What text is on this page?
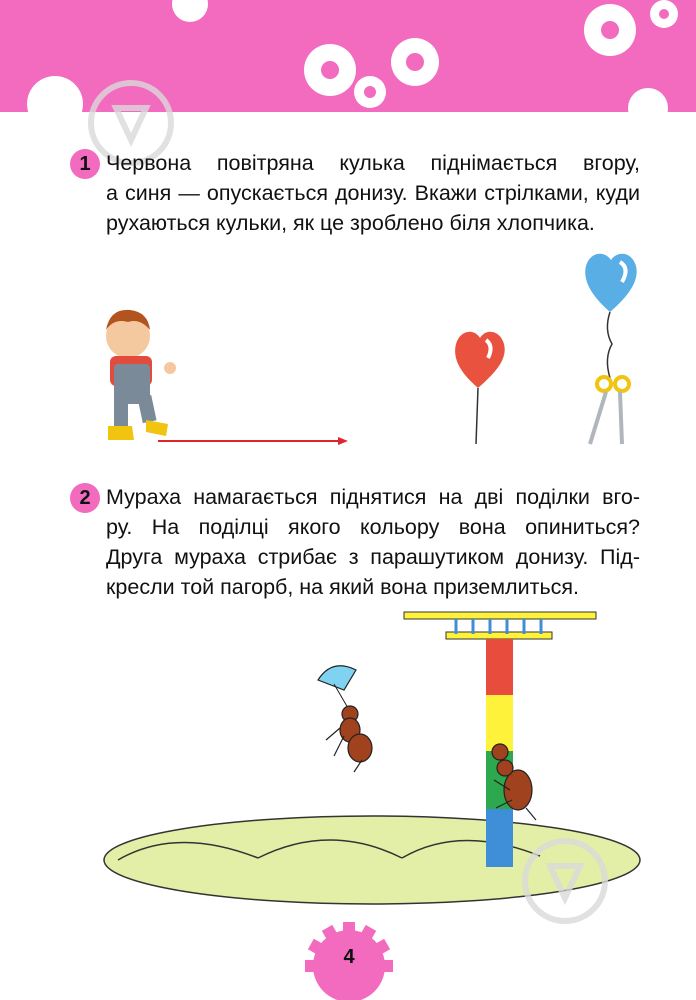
1 Червона повітряна кулька піднімається вгору,
а синя — опускається донизу. Вкажи стрілками, куди
рухаються кульки, як це зроблено біля хлопчика.
2 Мураха намагається піднятися на дві поділки вго-
ру. На поділці якого кольору вона опиниться?
Друга мураха стрибає з парашутиком донизу. Під-
кресли той пагорб, на який вона приземлиться.
4
